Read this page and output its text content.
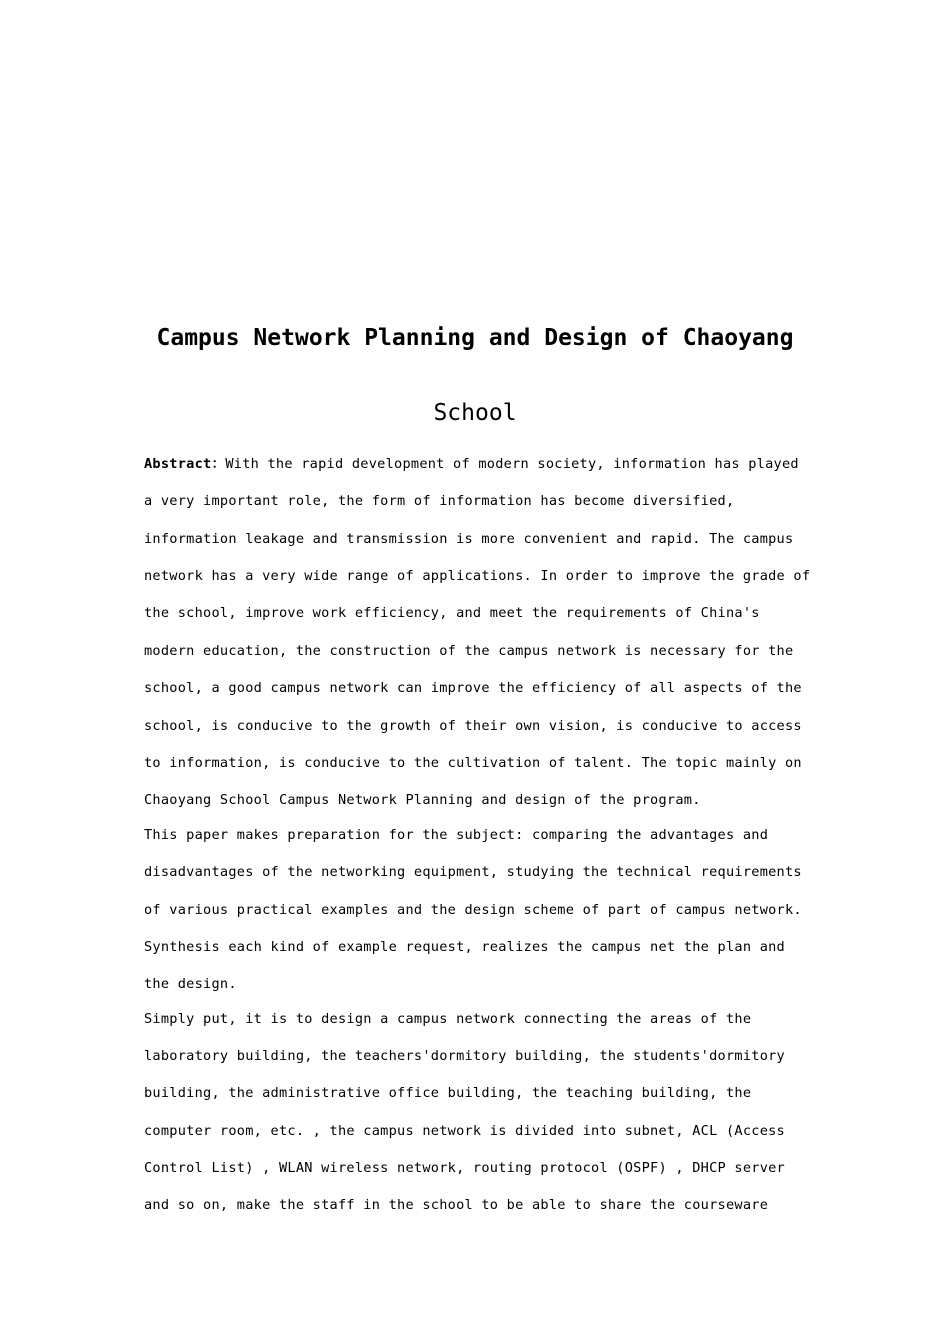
Campus Network Planning and Design of Chaoyang
School

Abstract：With the rapid development of modern society, information has played

a very important role, the form of information has become diversified,

information leakage and transmission is more convenient and rapid. The campus

network has a very wide range of applications. In order to improve the grade of

the school, improve work efficiency, and meet the requirements of China's

modern education, the construction of the campus network is necessary for the

school, a good campus network can improve the efficiency of all aspects of the

school, is conducive to the growth of their own vision, is conducive to access

to information, is conducive to the cultivation of talent. The topic mainly on

Chaoyang School Campus Network Planning and design of the program.

This paper makes preparation for the subject: comparing the advantages and

disadvantages of the networking equipment, studying the technical requirements

of various practical examples and the design scheme of part of campus network.

Synthesis each kind of example request, realizes the campus net the plan and

the design.

Simply put, it is to design a campus network connecting the areas of the

laboratory building, the teachers'dormitory building, the students'dormitory

building, the administrative office building, the teaching building, the

computer room, etc. , the campus network is divided into subnet, ACL (Access

Control List) , WLAN wireless network, routing protocol (OSPF) , DHCP server

and so on, make the staff in the school to be able to share the courseware
